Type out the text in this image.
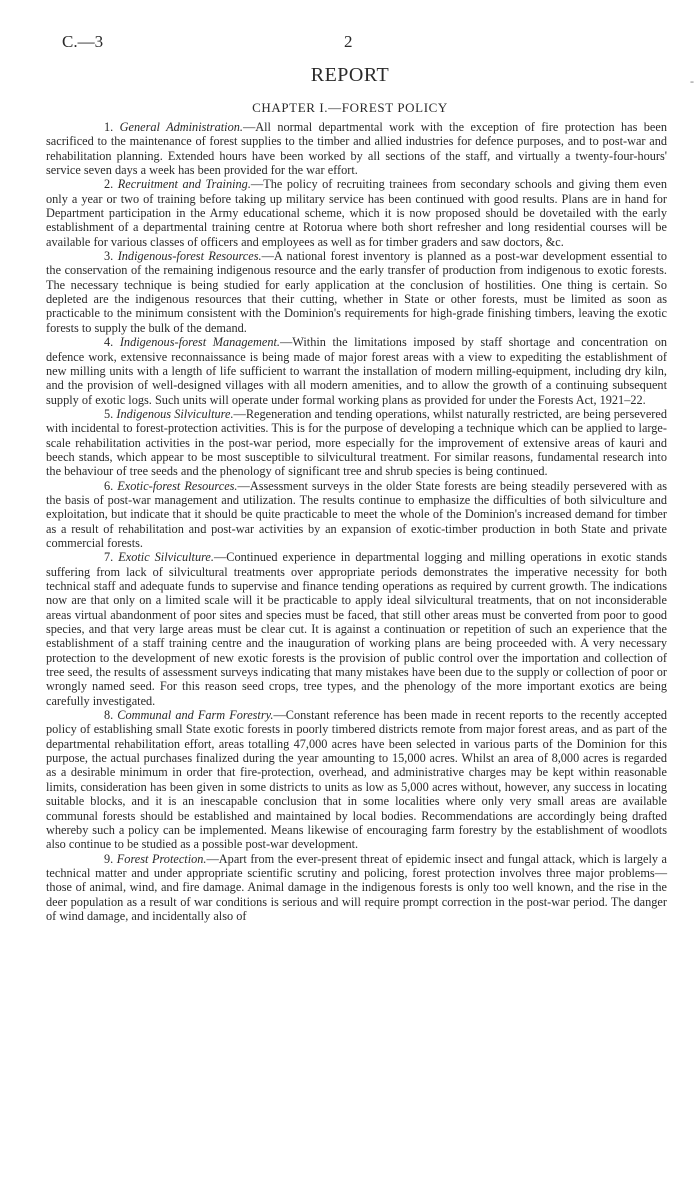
C.—3	2
-
REPORT
CHAPTER I.—FOREST POLICY

1. General Administration.—All normal departmental work with the exception of fire protection has been sacrificed to the maintenance of forest supplies to the timber and allied industries for defence purposes, and to post-war and rehabilitation planning. Extended hours have been worked by all sections of the staff, and virtually a twenty-four-hours' service seven days a week has been provided for the war effort.

2. Recruitment and Training.—The policy of recruiting trainees from secondary schools and giving them even only a year or two of training before taking up military service has been continued with good results. Plans are in hand for Department participation in the Army educational scheme, which it is now proposed should be dovetailed with the early establishment of a departmental training centre at Rotorua where both short refresher and long residential courses will be available for various classes of officers and employees as well as for timber graders and saw doctors, &c.

3. Indigenous-forest Resources.—A national forest inventory is planned as a post-war development essential to the conservation of the remaining indigenous resource and the early transfer of production from indigenous to exotic forests. The necessary technique is being studied for early application at the conclusion of hostilities. One thing is certain. So depleted are the indigenous resources that their cutting, whether in State or other forests, must be limited as soon as practicable to the minimum consistent with the Dominion's requirements for high-grade finishing timbers, leaving the exotic forests to supply the bulk of the demand.

4. Indigenous-forest Management.—Within the limitations imposed by staff shortage and concentration on defence work, extensive reconnaissance is being made of major forest areas with a view to expediting the establishment of new milling units with a length of life sufficient to warrant the installation of modern milling-equipment, including dry kiln, and the provision of well-designed villages with all modern amenities, and to allow the growth of a continuing subsequent supply of exotic logs. Such units will operate under formal working plans as provided for under the Forests Act, 1921–22.

5. Indigenous Silviculture.—Regeneration and tending operations, whilst naturally restricted, are being persevered with incidental to forest-protection activities. This is for the purpose of developing a technique which can be applied to large-scale rehabilitation activities in the post-war period, more especially for the improvement of extensive areas of kauri and beech stands, which appear to be most susceptible to silvicultural treatment. For similar reasons, fundamental research into the behaviour of tree seeds and the phenology of significant tree and shrub species is being continued.

6. Exotic-forest Resources.—Assessment surveys in the older State forests are being steadily persevered with as the basis of post-war management and utilization. The results continue to emphasize the difficulties of both silviculture and exploitation, but indicate that it should be quite practicable to meet the whole of the Dominion's increased demand for timber as a result of rehabilitation and post-war activities by an expansion of exotic-timber production in both State and private commercial forests.

7. Exotic Silviculture.—Continued experience in departmental logging and milling operations in exotic stands suffering from lack of silvicultural treatments over appropriate periods demonstrates the imperative necessity for both technical staff and adequate funds to supervise and finance tending operations as required by current growth. The indications now are that only on a limited scale will it be practicable to apply ideal silvicultural treatments, that on not inconsiderable areas virtual abandonment of poor sites and species must be faced, that still other areas must be converted from poor to good species, and that very large areas must be clear cut. It is against a continuation or repetition of such an experience that the establishment of a staff training centre and the inauguration of working plans are being proceeded with. A very necessary protection to the development of new exotic forests is the provision of public control over the importation and collection of tree seed, the results of assessment surveys indicating that many mistakes have been due to the supply or collection of poor or wrongly named seed. For this reason seed crops, tree types, and the phenology of the more important exotics are being carefully investigated.

8. Communal and Farm Forestry.—Constant reference has been made in recent reports to the recently accepted policy of establishing small State exotic forests in poorly timbered districts remote from major forest areas, and as part of the departmental rehabilitation effort, areas totalling 47,000 acres have been selected in various parts of the Dominion for this purpose, the actual purchases finalized during the year amounting to 15,000 acres. Whilst an area of 8,000 acres is regarded as a desirable minimum in order that fire-protection, overhead, and administrative charges may be kept within reasonable limits, consideration has been given in some districts to units as low as 5,000 acres without, however, any success in locating suitable blocks, and it is an inescapable conclusion that in some localities where only very small areas are available communal forests should be established and maintained by local bodies. Recommendations are accordingly being drafted whereby such a policy can be implemented. Means likewise of encouraging farm forestry by the establishment of woodlots also continue to be studied as a possible post-war development.

9. Forest Protection.—Apart from the ever-present threat of epidemic insect and fungal attack, which is largely a technical matter and under appropriate scientific scrutiny and policing, forest protection involves three major problems—those of animal, wind, and fire damage. Animal damage in the indigenous forests is only too well known, and the rise in the deer population as a result of war conditions is serious and will require prompt correction in the post-war period. The danger of wind damage, and incidentally also of
